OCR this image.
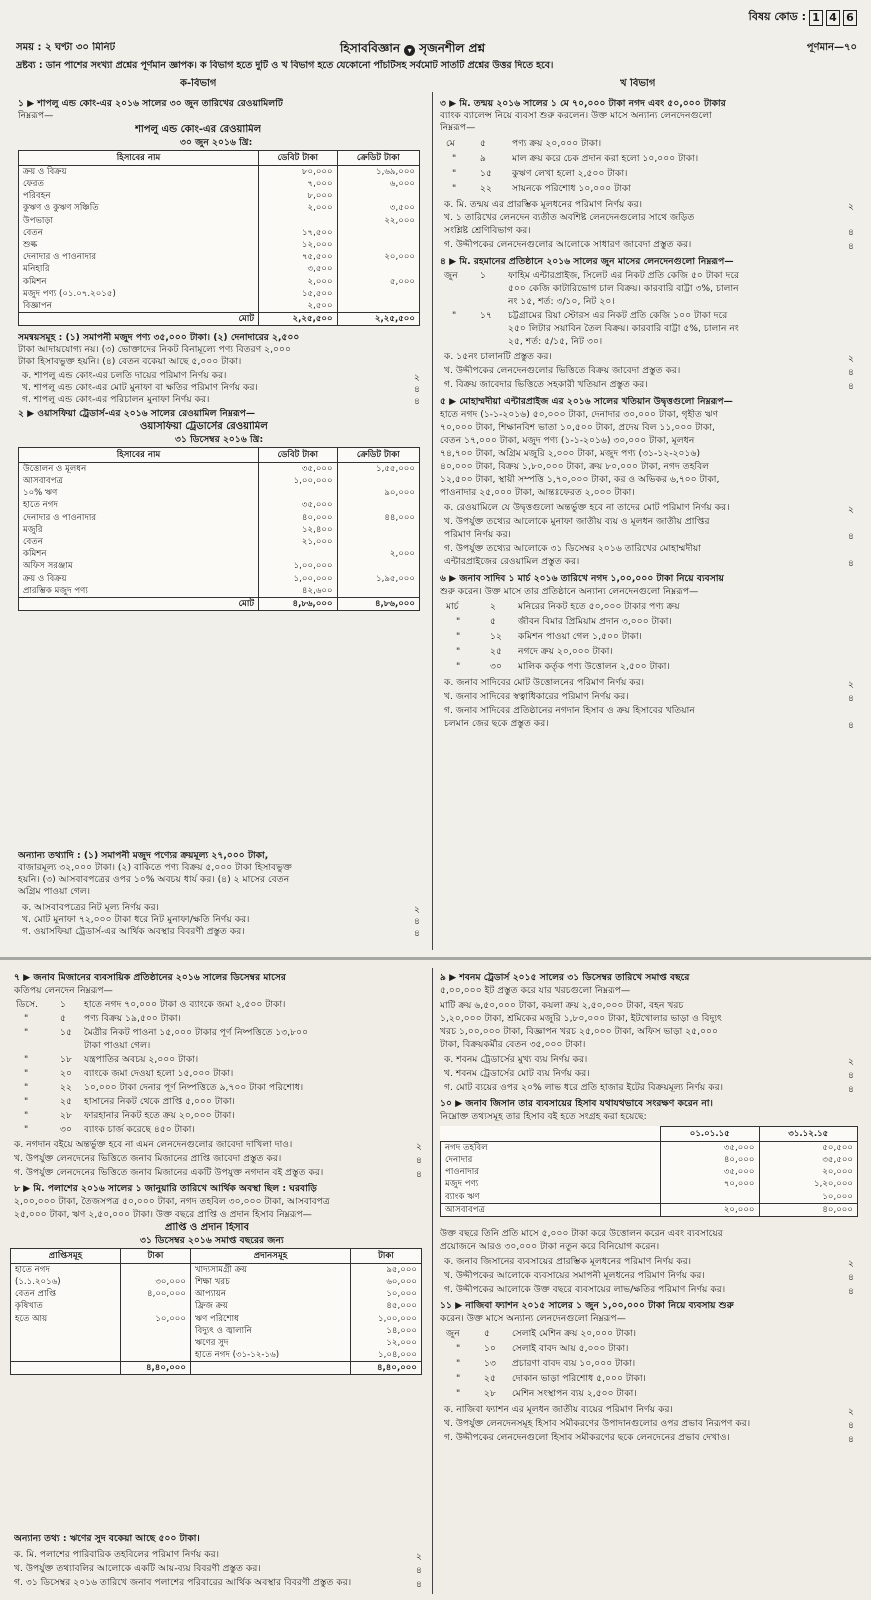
বিষয় কোড : 1 4 6
সময় : ২ ঘণ্টা ৩০ মিনিট	হিসাববিজ্ঞান ▾ সৃজনশীল প্রশ্ন	পূর্ণমান—৭০
দ্রষ্টব্য : ডান পাশের সংখ্যা প্রশ্নের পূর্ণমান জ্ঞাপক। ক বিভাগ হতে দুটি ও খ বিভাগ হতে যেকোনো পাঁচটিসহ সর্বমোট সাতটি প্রশ্নের উত্তর দিতে হবে।
ক-বিভাগ	খ বিভাগ
১ ▶ শাপলু এন্ড কোং-এর ২০১৬ সালের ৩০ জুন তারিখের রেওয়ামিলটি
নিম্নরূপ—
শাপলু এন্ড কোং-এর রেওয়ামিল
৩০ জুন ২০১৬ খ্রি:
হিসাবের নাম	ডেবিট টাকা	ক্রেডিট টাকা
ক্রয় ও বিক্রয়	৮০,০০০	১,৬৯,০০০
ফেরত	৭,০০০	৬,০০০
পরিবহন	৮,০০০	
কুঋণ ও কুঋণ সঞ্চিতি	২,০০০	৩,৫০০
উপভাড়া		২২,০০০
বেতন	১৭,৫০০	
শুল্ক	১২,০০০	
দেনাদার ও পাওনাদার	৭৫,৫০০	২০,০০০
মনিহারি	৩,৫০০	
কমিশন	২,০০০	৫,০০০
মজুদ পণ্য (০১.০৭.২০১৫)	১৫,৫০০	
বিজ্ঞাপন	২,৫০০	
মোট	২,২৫,৫০০	২,২৫,৫০০
সমন্বয়সমূহ : (১) সমাপনী মজুদ পণ্য ৩৫,০০০ টাকা। (২) দেনাদারের ২,৫০০
টাকা আদায়যোগ্য নয়। (৩) ভোক্তাদের নিকট বিনামূল্যে পণ্য বিতরণ ২,০০০
টাকা হিসাবভুক্ত হয়নি। (৪) বেতন বকেয়া আছে ৫,০০০ টাকা।
ক. শাপলু এন্ড কোং-এর চলতি দায়ের পরিমাণ নির্ণয় কর।	২
খ. শাপলু এন্ড কোং-এর মোট মুনাফা বা ক্ষতির পরিমাণ নির্ণয় কর।	৪
গ. শাপলু এন্ড কোং-এর পরিচালন মুনাফা নির্ণয় কর।	৪
২ ▶ ওয়াসফিয়া ট্রেডার্স-এর ২০১৬ সালের রেওয়ামিল নিম্নরূপ—
ওয়াসফিয়া ট্রেডার্সের রেওয়ামিল
৩১ ডিসেম্বর ২০১৬ খ্রি:
হিসাবের নাম	ডেবিট টাকা	ক্রেডিট টাকা
উত্তোলন ও মূলধন	৩৫,০০০	১,৫৫,০০০
আসবাবপত্র	১,০০,০০০	
১০% ঋণ		৯০,০০০
হাতে নগদ	৩৫,০০০	
দেনাদার ও পাওনাদার	৪০,০০০	৪৪,০০০
মজুরি	১২,৪০০	
বেতন	২১,০০০	
কমিশন		২,০০০
অফিস সরঞ্জাম	১,০০,০০০	
ক্রয় ও বিক্রয়	১,০০,০০০	১,৯৫,০০০
প্রারম্ভিক মজুদ পণ্য	৪২,৬০০	
মোট	৪,৮৬,০০০	৪,৮৬,০০০
অন্যান্য তথ্যাদি : (১) সমাপনী মজুদ পণ্যের ক্রয়মূল্য ২৭,০০০ টাকা,
বাজারমূল্য ৩২,০০০ টাকা। (২) বাকিতে পণ্য বিক্রয় ৫,০০০ টাকা হিসাবভুক্ত
হয়নি। (৩) আসবাবপত্রের ওপর ১০% অবচয় ধার্য কর। (৪) ২ মাসের বেতন
অগ্রিম পাওয়া গেল।
ক. আসবাবপত্রের নিট মূল্য নির্ণয় কর।	২
খ. মোট মুনাফা ৭২,০০০ টাকা ধরে নিট মুনাফা/ক্ষতি নির্ণয় কর।	৪
গ. ওয়াসফিয়া ট্রেডার্স-এর আর্থিক অবস্থার বিবরণী প্রস্তুত কর।	৪
৩ ▶ মি. তন্ময় ২০১৬ সালের ১ মে ৭০,০০০ টাকা নগদ এবং ৫০,০০০ টাকার
ব্যাংক ব্যালেন্স নিয়ে ব্যবসা শুরু করলেন। উক্ত মাসে অন্যান্য লেনদেনগুলো
নিম্নরূপ—
মে	৫	পণ্য ক্রয় ২০,০০০ টাকা।
"	৯	মাল ক্রয় করে চেক প্রদান করা হলো ১০,০০০ টাকা।
"	১৫ কুঋণ লেখা হলো ২,৫০০ টাকা।
"	২২ সায়নকে পরিশোধ ১০,০০০ টাকা
ক. মি. তন্ময় এর প্রারম্ভিক মূলধনের পরিমাণ নির্ণয় কর।	২
খ. ১ তারিখের লেনদেন ব্যতীত অবশিষ্ট লেনদেনগুলোর সাথে জড়িত
সংশ্লিষ্ট শ্রেণিবিভাগ কর।	৪
গ. উদ্দীপকের লেনদেনগুলোর আলোকে সাধারণ জাবেদা প্রস্তুত কর।	৪
৪ ▶ মি. রহমানের প্রতিষ্ঠানে ২০১৬ সালের জুন মাসের লেনদেনগুলো নিম্নরূপ—
জুন ১ ফাহিম এন্টারপ্রাইজ, সিলেট এর নিকট প্রতি কেজি ৫০ টাকা দরে
৫০০ কেজি কাটারিভোগ চাল বিক্রয়। কারবারি বাট্টা ৩%, চালান
নং ১৫, শর্ত: ৩/১০, নিট ২০।
"	১৭ চট্টগ্রামের রিয়া স্টোরস এর নিকট প্রতি কেজি ১০০ টাকা দরে
২৫০ লিটার সয়াবিন তৈল বিক্রয়। কারবারি বাট্টা ৫%, চালান নং
২৫, শর্ত: ৫/১৫, নিট ৩০।
ক. ১৫নং চালানটি প্রস্তুত কর।	২
খ. উদ্দীপকের লেনদেনগুলোর ভিত্তিতে বিক্রয় জাবেদা প্রস্তুত কর।	৪
গ. বিক্রয় জাবেদার ভিত্তিতে সহকারী খতিয়ান প্রস্তুত কর।	৪
৫ ▶ মোহাম্মদীয়া এন্টারপ্রাইজ এর ২০১৬ সালের খতিয়ান উদ্বৃত্তগুলো নিম্নরূপ—
হাতে নগদ (১-১-২০১৬) ৫০,০০০ টাকা, দেনাদার ৩০,০০০ টাকা, গৃহীত ঋণ
৭০,০০০ টাকা, শিক্ষানবিশ ভাতা ১০,৫০০ টাকা, প্রদেয় বিল ১১,০০০ টাকা,
বেতন ১৭,০০০ টাকা, মজুদ পণ্য (১-১-২০১৬) ৩০,০০০ টাকা, মূলধন
৭৪,৭০০ টাকা, অগ্রিম মজুরি ২,০০০ টাকা, মজুদ পণ্য (৩১-১২-২০১৬)
৪০,০০০ টাকা, বিক্রয় ১,৮০,০০০ টাকা, ক্রয় ৮০,০০০ টাকা, নগদ তহবিল
১২,৫০০ টাকা, স্থায়ী সম্পত্তি ১,৭০,০০০ টাকা, কর ও অভিকর ৬,৭০০ টাকা,
পাওনাদার ২৫,০০০ টাকা, আন্তঃফেরত ২,০০০ টাকা।
ক. রেওয়ামিলে যে উদ্বৃত্তগুলো অন্তর্ভুক্ত হবে না তাদের মোট পরিমাণ নির্ণয় কর।	২
খ. উপর্যুক্ত তথ্যের আলোকে মুনাফা জাতীয় ব্যয় ও মূলধন জাতীয় প্রাপ্তির
পরিমাণ নির্ণয় কর।	৪
গ. উপর্যুক্ত তথ্যের আলোকে ৩১ ডিসেম্বর ২০১৬ তারিখের মোহাম্মদীয়া
এন্টারপ্রাইজের রেওয়ামিল প্রস্তুত কর।	৪
৬ ▶ জনাব সাদিব ১ মার্চ ২০১৬ তারিখে নগদ ১,০০,০০০ টাকা নিয়ে ব্যবসায়
শুরু করেন। উক্ত মাসে তার প্রতিষ্ঠানে অন্যান্য লেনদেনগুলো নিম্নরূপ—
মার্চ	২ মনিরের নিকট হতে ৫০,০০০ টাকার পণ্য ক্রয়
"	৫ জীবন বিমার প্রিমিয়াম প্রদান ৩,০০০ টাকা।
"	১২ কমিশন পাওয়া গেল ১,৫০০ টাকা।
"	২৫ নগদে ক্রয় ২০,০০০ টাকা।
"	৩০ মালিক কর্তৃক পণ্য উত্তোলন ২,৫০০ টাকা।
ক. জনাব সাদিবের মোট উত্তোলনের পরিমাণ নির্ণয় কর।	২
খ. জনাব সাদিবের স্বত্বাধিকারের পরিমাণ নির্ণয় কর।	৪
গ. জনাব সাদিবের প্রতিষ্ঠানের নগদান হিসাব ও ক্রয় হিসাবের খতিয়ান
চলমান জের ছকে প্রস্তুত কর।	৪
৭ ▶ জনাব মিজানের ব্যবসায়িক প্রতিষ্ঠানের ২০১৬ সালের ডিসেম্বর মাসের
কতিপয় লেনদেন নিম্নরূপ—
ডিসে. ১ হাতে নগদ ৭০,০০০ টাকা ও ব্যাংকে জমা ২,৫০০ টাকা।
"	৫ পণ্য বিক্রয় ১৯,৫০০ টাকা।
"	১৫ মৈত্রীর নিকট পাওনা ১৫,০০০ টাকার পূর্ণ নিষ্পত্তিতে ১৩,৮০০
টাকা পাওয়া গেল।
"	১৮ যন্ত্রপাতির অবচয় ২,০০০ টাকা।
"	২০ ব্যাংকে জমা দেওয়া হলো ১৫,০০০ টাকা।
"	২২ ১০,০০০ টাকা দেনার পূর্ণ নিষ্পত্তিতে ৯,৭০০ টাকা পরিশোধ।
"	২৫ হাসানের নিকট থেকে প্রাপ্তি ৫,০০০ টাকা।
"	২৮ ফারহানার নিকট হতে ক্রয় ২০,০০০ টাকা।
"	৩০ ব্যাংক চার্জ করেছে ৪৫০ টাকা।
ক. নগদান বইয়ে অন্তর্ভুক্ত হবে না এমন লেনদেনগুলোর জাবেদা দাখিলা দাও।	২
খ. উপর্যুক্ত লেনদেনের ভিত্তিতে জনাব মিজানের প্রাপ্তি জাবেদা প্রস্তুত কর।	৪
গ. উপর্যুক্ত লেনদেনের ভিত্তিতে জনাব মিজানের একটি উপযুক্ত নগদান বই প্রস্তুত কর।	৪
৮ ▶ মি. পলাশের ২০১৬ সালের ১ জানুয়ারি তারিখে আর্থিক অবস্থা ছিল : ঘরবাড়ি
২,০০,০০০ টাকা, তৈজসপত্র ৫০,০০০ টাকা, নগদ তহবিল ৩০,০০০ টাকা, আসবাবপত্র
২৫,০০০ টাকা, ঋণ ২,৫০,০০০ টাকা। উক্ত বছরে প্রাপ্তি ও প্রদান হিসাব নিম্নরূপ—
প্রাপ্তি ও প্রদান হিসাব
৩১ ডিসেম্বর ২০১৬ সমাপ্ত বছরের জন্য
প্রাপ্তিসমূহ	টাকা	প্রদানসমূহ	টাকা
হাতে নগদ		খাদ্যসামগ্রী ক্রয়	৯৫,০০০
(১.১.২০১৬)	৩০,০০০	শিক্ষা খরচ	৬০,০০০
বেতন প্রাপ্তি	৪,০০,০০০	আপ্যায়ন	১০,০০০
কৃষিখাত		ফ্রিজ ক্রয়	৪৫,০০০
হতে আয়	১০,০০০	ঋণ পরিশোধ	১,০০,০০০
		বিদ্যুৎ ও জ্বালানি	১৪,০০০
		ঋণের সুদ	১২,০০০
		হাতে নগদ (৩১-১২-১৬)	১,০৪,০০০
	৪,৪০,০০০		৪,৪০,০০০
অন্যান্য তথ্য : ঋণের সুদ বকেয়া আছে ৫০০ টাকা।
ক. মি. পলাশের পারিবারিক তহবিলের পরিমাণ নির্ণয় কর।	২
খ. উপর্যুক্ত তথ্যাবলির আলোকে একটি আয়-ব্যয় বিবরণী প্রস্তুত কর।	৪
গ. ৩১ ডিসেম্বর ২০১৬ তারিখে জনাব পলাশের পরিবারের আর্থিক অবস্থার বিবরণী প্রস্তুত কর।	৪
৯ ▶ শবনম ট্রেডার্স ২০১৫ সালের ৩১ ডিসেম্বর তারিখে সমাপ্ত বছরে
৫,০০,০০০ ইট প্রস্তুত করে যার খরচগুলো নিম্নরূপ—
মাটি ক্রয় ৬,৫০,০০০ টাকা, কয়লা ক্রয় ২,৫০,০০০ টাকা, বহন খরচ
১,২০,০০০ টাকা, শ্রমিকের মজুরি ১,৮০,০০০ টাকা, ইটখোলার ভাড়া ও বিদ্যুৎ
খরচ ১,০০,০০০ টাকা, বিজ্ঞাপন খরচ ২৫,০০০ টাকা, অফিস ভাড়া ২৫,০০০
টাকা, বিক্রয়কর্মীর বেতন ৩৫,০০০ টাকা।
ক. শবনম ট্রেডার্সের মুখ্য ব্যয় নির্ণয় কর।	২
খ. শবনম ট্রেডার্সের মোট ব্যয় নির্ণয় কর।	৪
গ. মোট ব্যয়ের ওপর ২০% লাভ ধরে প্রতি হাজার ইটের বিক্রয়মূল্য নির্ণয় কর।	৪
১০ ▶ জনাব জিসান তার ব্যবসায়ের হিসাব যথাযথভাবে সংরক্ষণ করেন না।
নিম্নোক্ত তথ্যসমূহ তার হিসাব বই হতে সংগ্রহ করা হয়েছে:
	০১.০১.১৫	৩১.১২.১৫
নগদ তহবিল	৩৫,০০০	৫০,৫০০
দেনাদার	৪০,০০০	৩৫,৫০০
পাওনাদার	৩৫,০০০	২০,০০০
মজুদ পণ্য	৭০,০০০	১,২০,০০০
ব্যাংক ঋণ		১০,০০০
আসবাবপত্র	২০,০০০	৪০,০০০
উক্ত বছরে তিনি প্রতি মাসে ৫,০০০ টাকা করে উত্তোলন করেন এবং ব্যবসায়ের
প্রয়োজনে আরও ৩০,০০০ টাকা নতুন করে বিনিয়োগ করেন।
ক. জনাব জিসানের ব্যবসায়ের প্রারম্ভিক মূলধনের পরিমাণ নির্ণয় কর।	২
খ. উদ্দীপকের আলোকে ব্যবসায়ের সমাপনী মূলধনের পরিমাণ নির্ণয় কর।	৪
গ. উদ্দীপকের আলোকে উক্ত বছরে ব্যবসায়ের লাভ/ক্ষতির পরিমাণ নির্ণয় কর।	৪
১১ ▶ নাজিবা ফ্যাশন ২০১৫ সালের ১ জুন ১,০০,০০০ টাকা নিয়ে ব্যবসায় শুরু
করেন। উক্ত মাসে অন্যান্য লেনদেনগুলো নিম্নরূপ—
জুন	৫ সেলাই মেশিন ক্রয় ২০,০০০ টাকা।
"	১০ সেলাই বাবদ আয় ৫,০০০ টাকা।
"	১৩ প্রচারণা বাবদ ব্যয় ১০,০০০ টাকা।
"	২৫ দোকান ভাড়া পরিশোধ ৫,০০০ টাকা।
"	২৮ মেশিন সংস্থাপন ব্যয় ২,৫০০ টাকা।
ক. নাজিবা ফ্যাশন এর মূলধন জাতীয় ব্যয়ের পরিমাণ নির্ণয় কর।	২
খ. উপর্যুক্ত লেনদেনসমূহ হিসাব সমীকরণের উপাদানগুলোর ওপর প্রভাব নিরূপণ কর।	৪
গ. উদ্দীপকের লেনদেনগুলো হিসাব সমীকরণের ছকে লেনদেনের প্রভাব দেখাও।	৪
